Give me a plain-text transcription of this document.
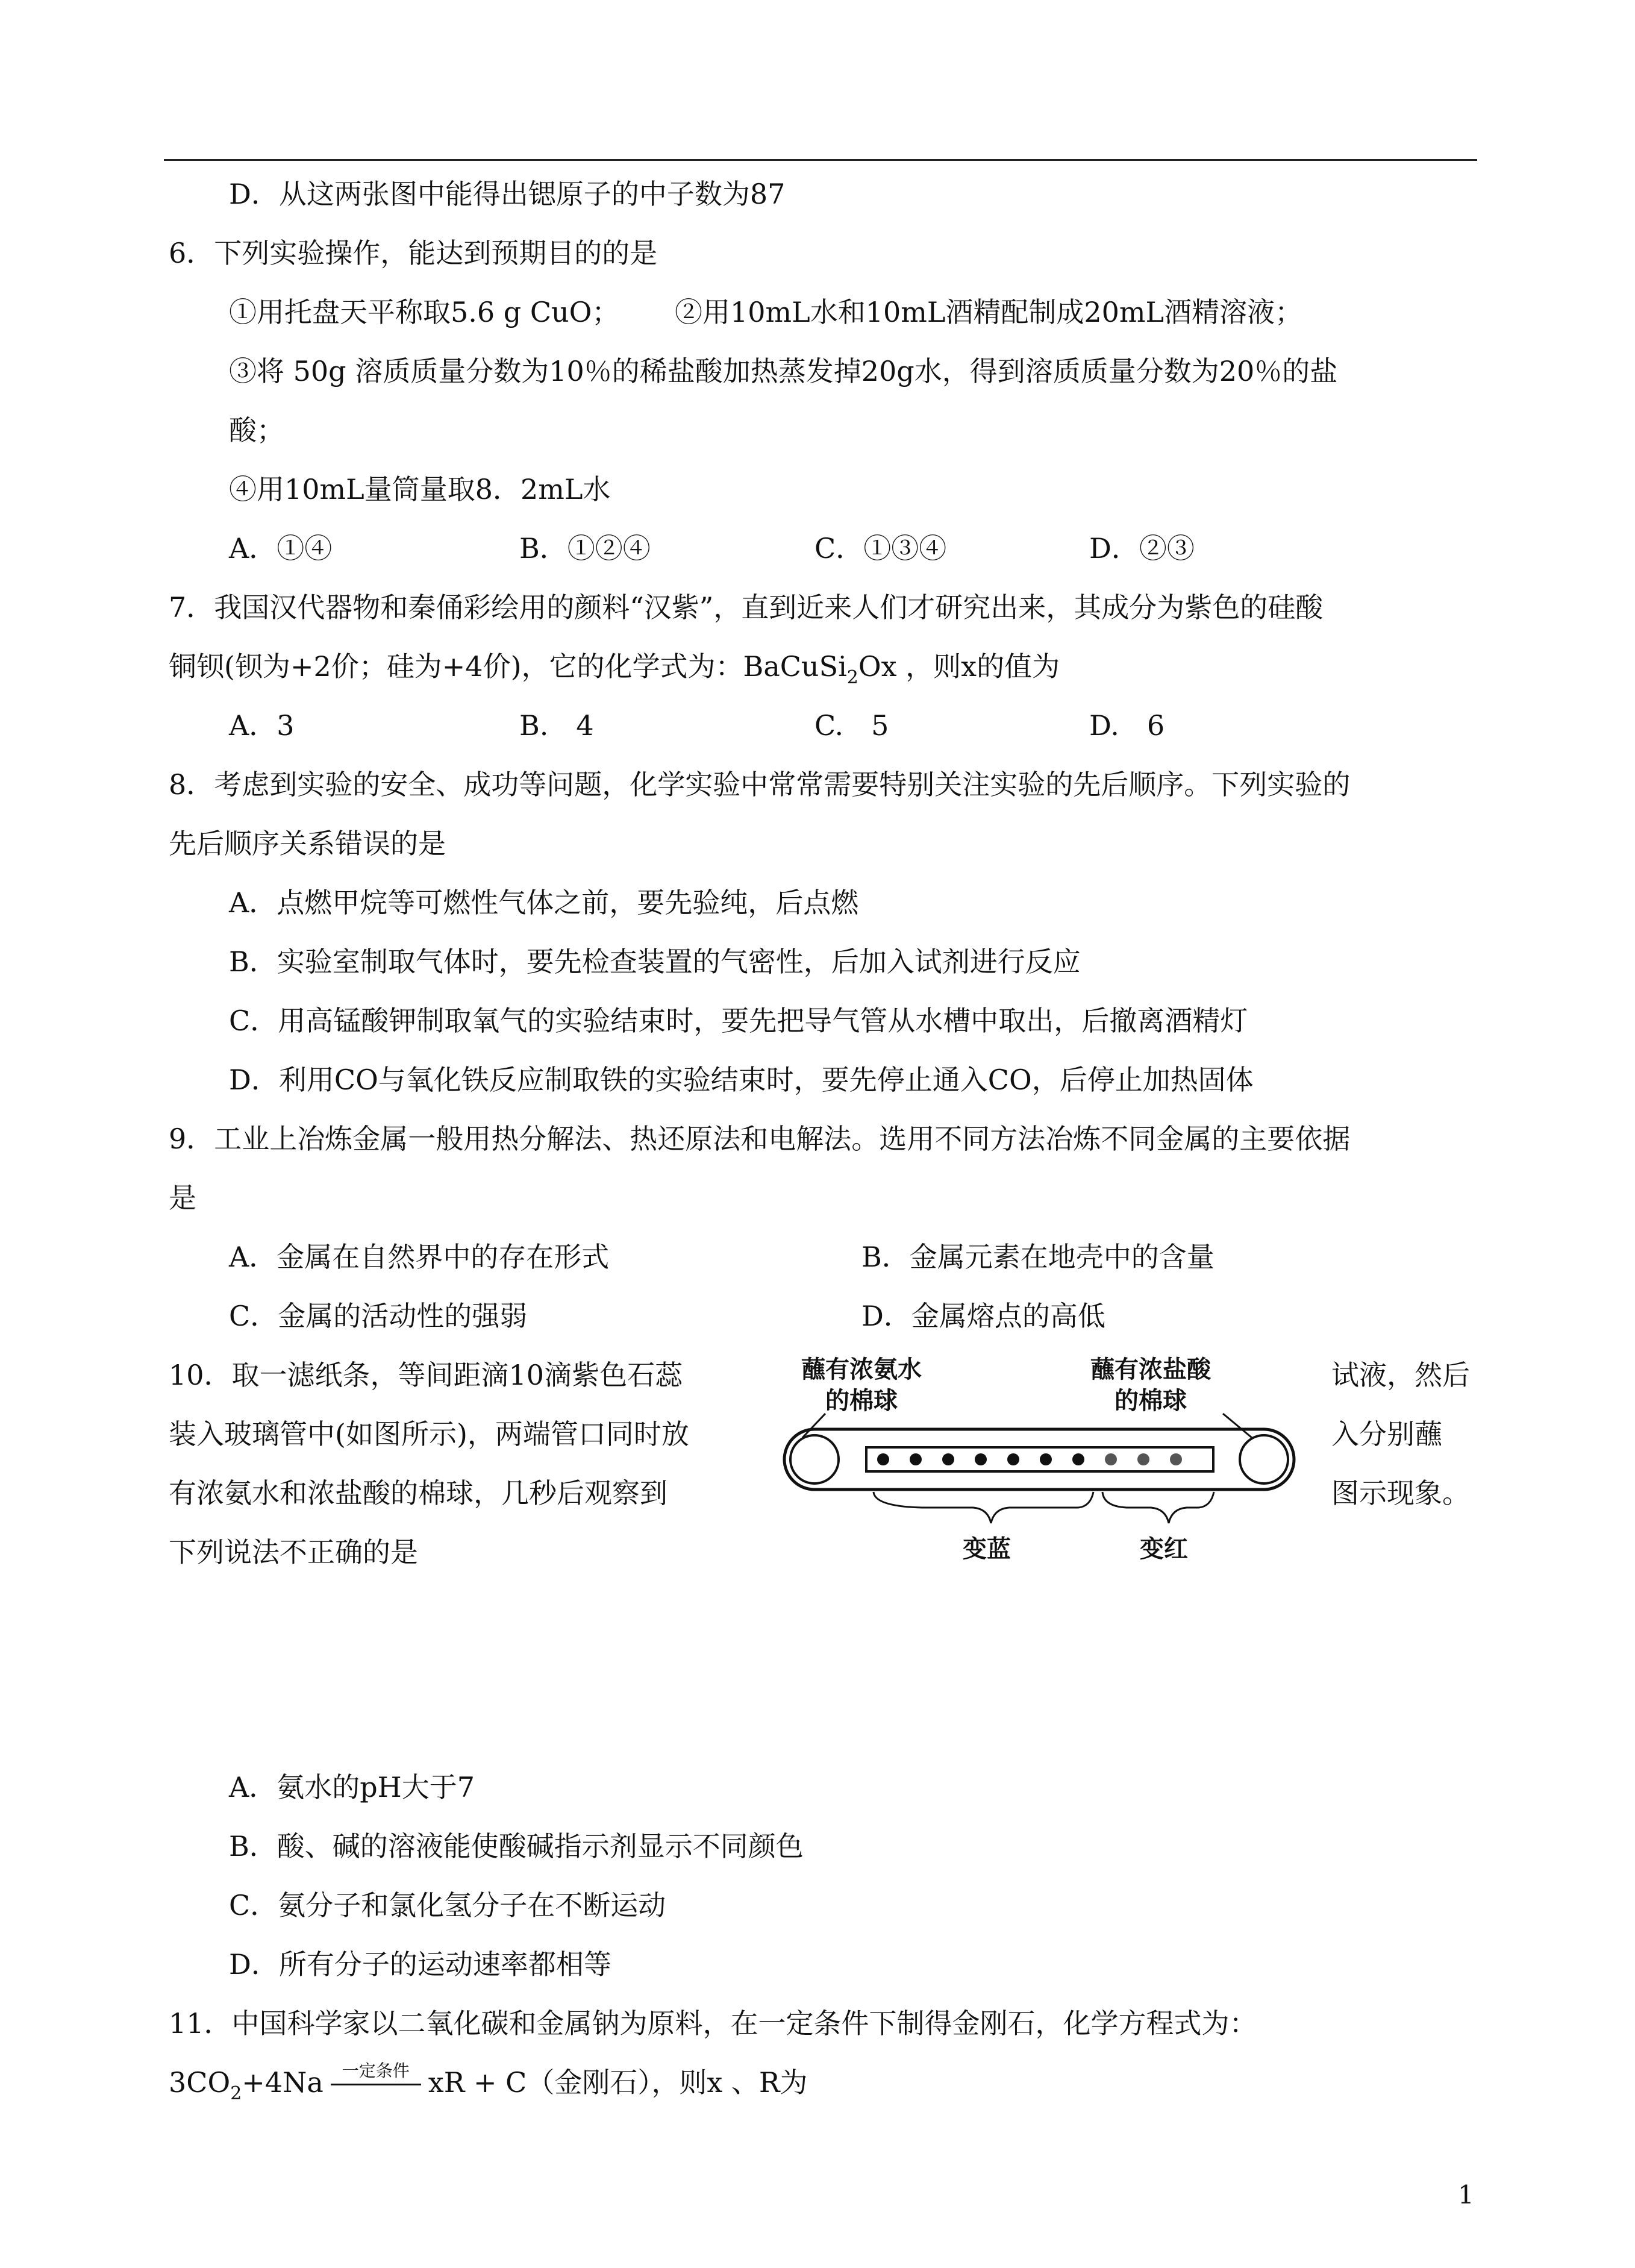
D．从这两张图中能得出锶原子的中子数为87
6．下列实验操作，能达到预期目的的是
①用托盘天平称取5.6 g CuO； ②用10mL水和10mL酒精配制成20mL酒精溶液；
③将 50g 溶质质量分数为10％的稀盐酸加热蒸发掉20g水，得到溶质质量分数为20％的盐
酸；
④用10mL量筒量取8．2mL水
A．①④	B．①②④	C．①③④	D．②③
7．我国汉代器物和秦俑彩绘用的颜料“汉紫”，直到近来人们才研究出来，其成分为紫色的硅酸
铜钡(钡为+2价；硅为+4价)，它的化学式为：BaCuSi$_2$Ox ，则x的值为
A．3	B.　4	C.　5	D.　6
8．考虑到实验的安全、成功等问题，化学实验中常常需要特别关注实验的先后顺序。下列实验的
先后顺序关系错误的是
A．点燃甲烷等可燃性气体之前，要先验纯，后点燃
B．实验室制取气体时，要先检查装置的气密性，后加入试剂进行反应
C．用高锰酸钾制取氧气的实验结束时，要先把导气管从水槽中取出，后撤离酒精灯
D．利用CO与氧化铁反应制取铁的实验结束时，要先停止通入CO，后停止加热固体
9．工业上冶炼金属一般用热分解法、热还原法和电解法。选用不同方法冶炼不同金属的主要依据
是
A．金属在自然界中的存在形式	B．金属元素在地壳中的含量
C．金属的活动性的强弱	D．金属熔点的高低
10．取一滤纸条，等间距滴10滴紫色石蕊	试液，然后
装入玻璃管中(如图所示)，两端管口同时放	入分别蘸
有浓氨水和浓盐酸的棉球，几秒后观察到	图示现象。
下列说法不正确的是
蘸有浓氨水
的棉球
蘸有浓盐酸
的棉球
变蓝	变红
A．氨水的pH大于7
B．酸、碱的溶液能使酸碱指示剂显示不同颜色
C．氨分子和氯化氢分子在不断运动
D．所有分子的运动速率都相等
11．中国科学家以二氧化碳和金属钠为原料，在一定条件下制得金刚石，化学方程式为：
$3CO_2+4Na$	一定条件 xR + C（金刚石），则x 、R为
1
